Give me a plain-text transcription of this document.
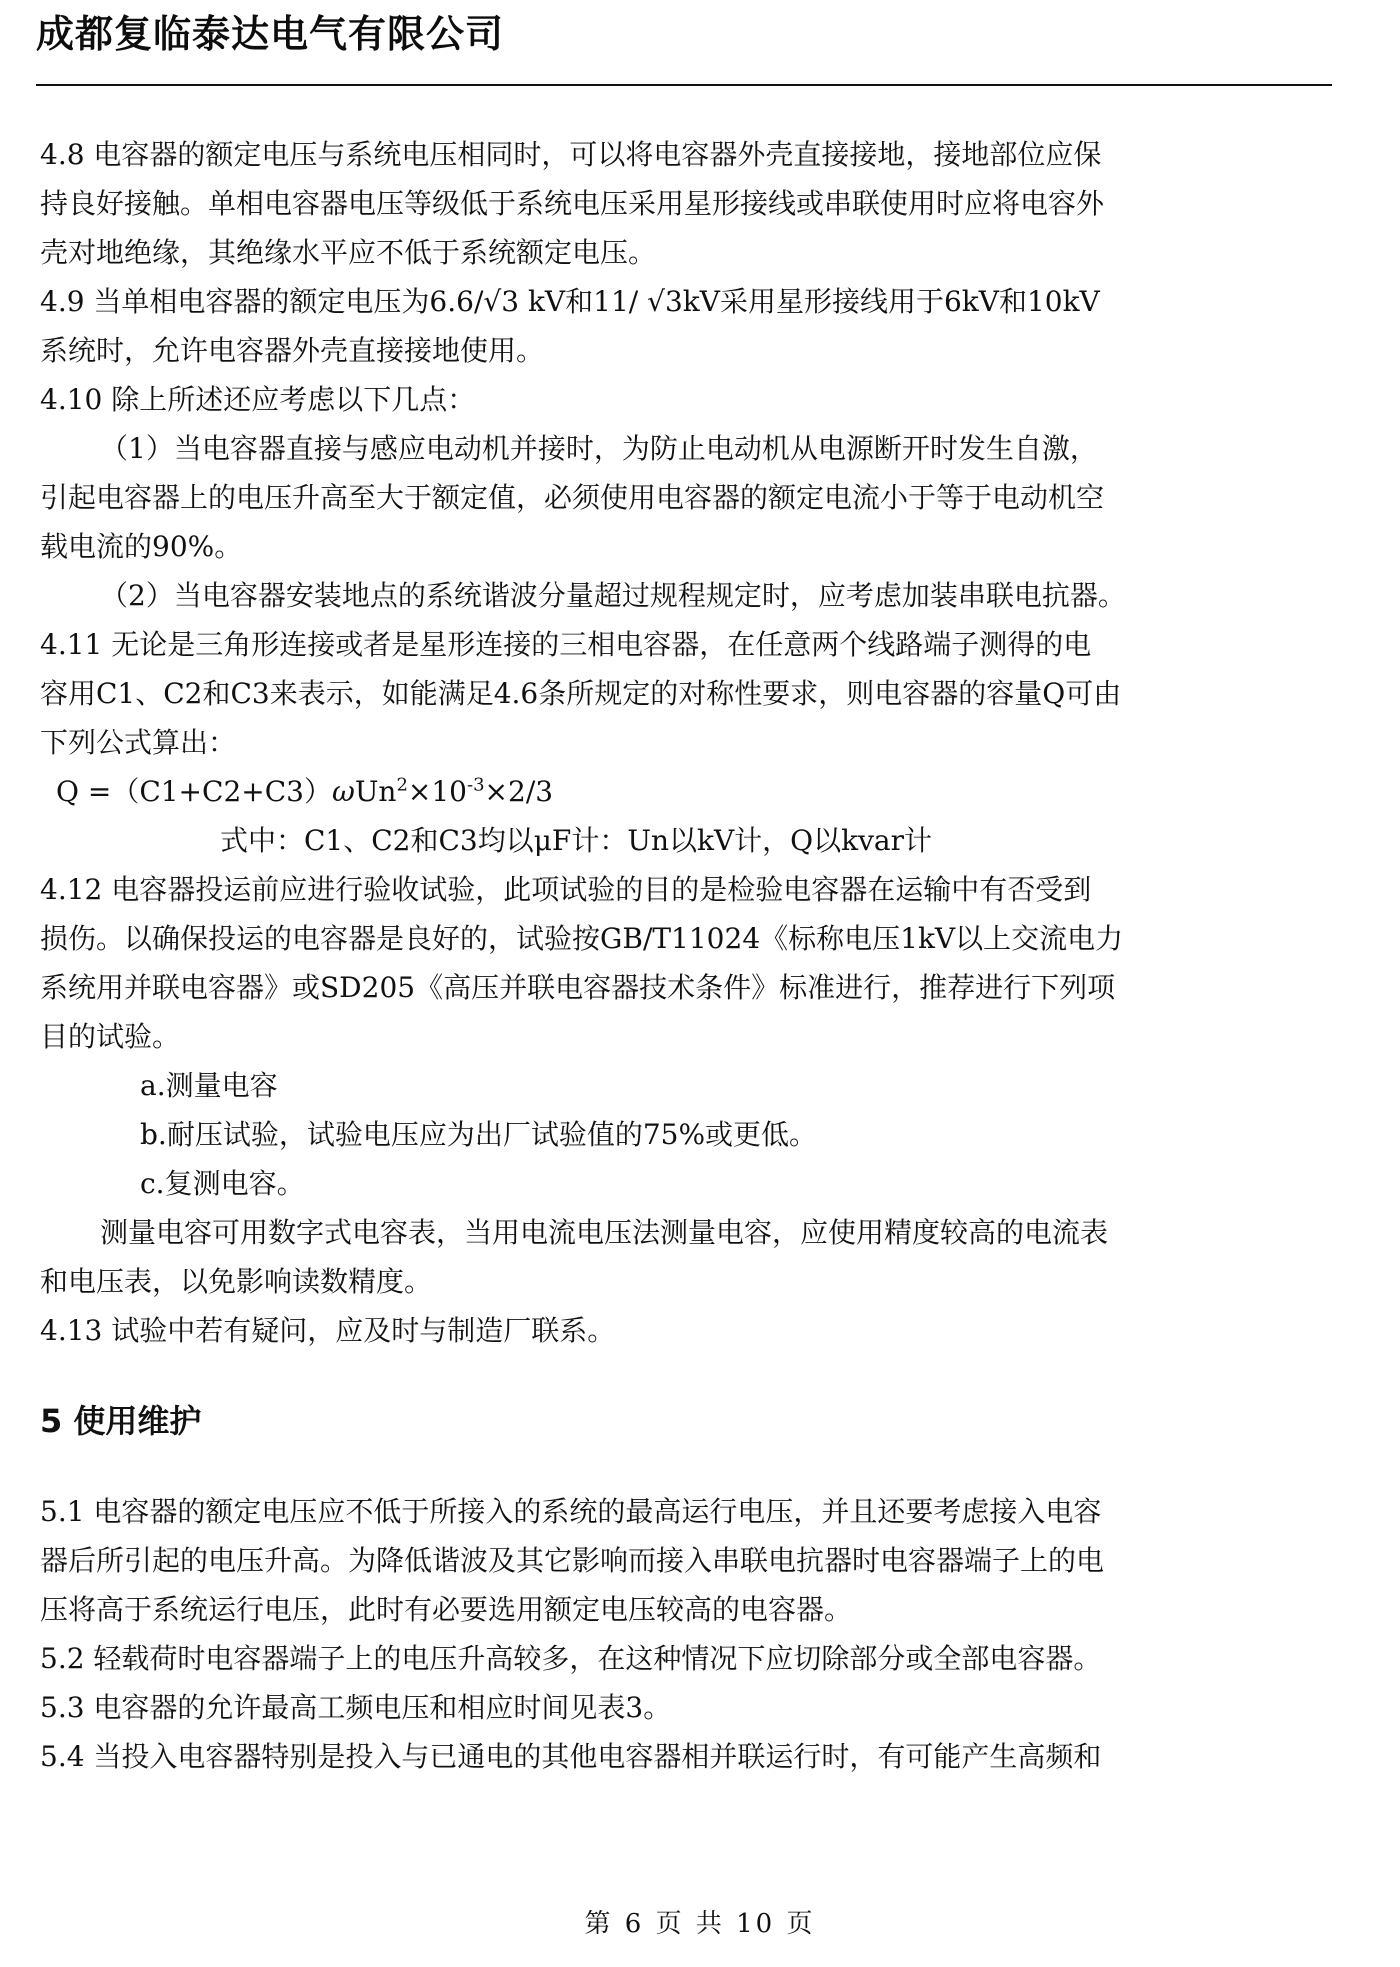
成都复临泰达电气有限公司

4.8 电容器的额定电压与系统电压相同时，可以将电容器外壳直接接地，接地部位应保

持良好接触。单相电容器电压等级低于系统电压采用星形接线或串联使用时应将电容外

壳对地绝缘，其绝缘水平应不低于系统额定电压。

4.9 当单相电容器的额定电压为6.6/√3 kV和11/ √3kV采用星形接线用于6kV和10kV

系统时，允许电容器外壳直接接地使用。

4.10 除上所述还应考虑以下几点：

（1）当电容器直接与感应电动机并接时，为防止电动机从电源断开时发生自激，

引起电容器上的电压升高至大于额定值，必须使用电容器的额定电流小于等于电动机空

载电流的90%。

（2）当电容器安装地点的系统谐波分量超过规程规定时，应考虑加装串联电抗器。

4.11 无论是三角形连接或者是星形连接的三相电容器，在任意两个线路端子测得的电

容用C1、C2和C3来表示，如能满足4.6条所规定的对称性要求，则电容器的容量Q可由

下列公式算出：

$Q =(C1+C2+C3)\omega Un^2\times 10^{-3}\times 2/3$

式中：C1、C2和C3均以μF计：Un以kV计，Q以kvar计

4.12 电容器投运前应进行验收试验，此项试验的目的是检验电容器在运输中有否受到

损伤。以确保投运的电容器是良好的，试验按GB/T11024《标称电压1kV以上交流电力

系统用并联电容器》或SD205《高压并联电容器技术条件》标准进行，推荐进行下列项

目的试验。

a.测量电容

b.耐压试验，试验电压应为出厂试验值的75%或更低。

c.复测电容。

测量电容可用数字式电容表，当用电流电压法测量电容，应使用精度较高的电流表

和电压表，以免影响读数精度。

4.13 试验中若有疑问，应及时与制造厂联系。

5 使用维护

5.1 电容器的额定电压应不低于所接入的系统的最高运行电压，并且还要考虑接入电容

器后所引起的电压升高。为降低谐波及其它影响而接入串联电抗器时电容器端子上的电

压将高于系统运行电压，此时有必要选用额定电压较高的电容器。

5.2 轻载荷时电容器端子上的电压升高较多，在这种情况下应切除部分或全部电容器。

5.3 电容器的允许最高工频电压和相应时间见表3。

5.4 当投入电容器特别是投入与已通电的其他电容器相并联运行时，有可能产生高频和

第 6 页 共 10 页
